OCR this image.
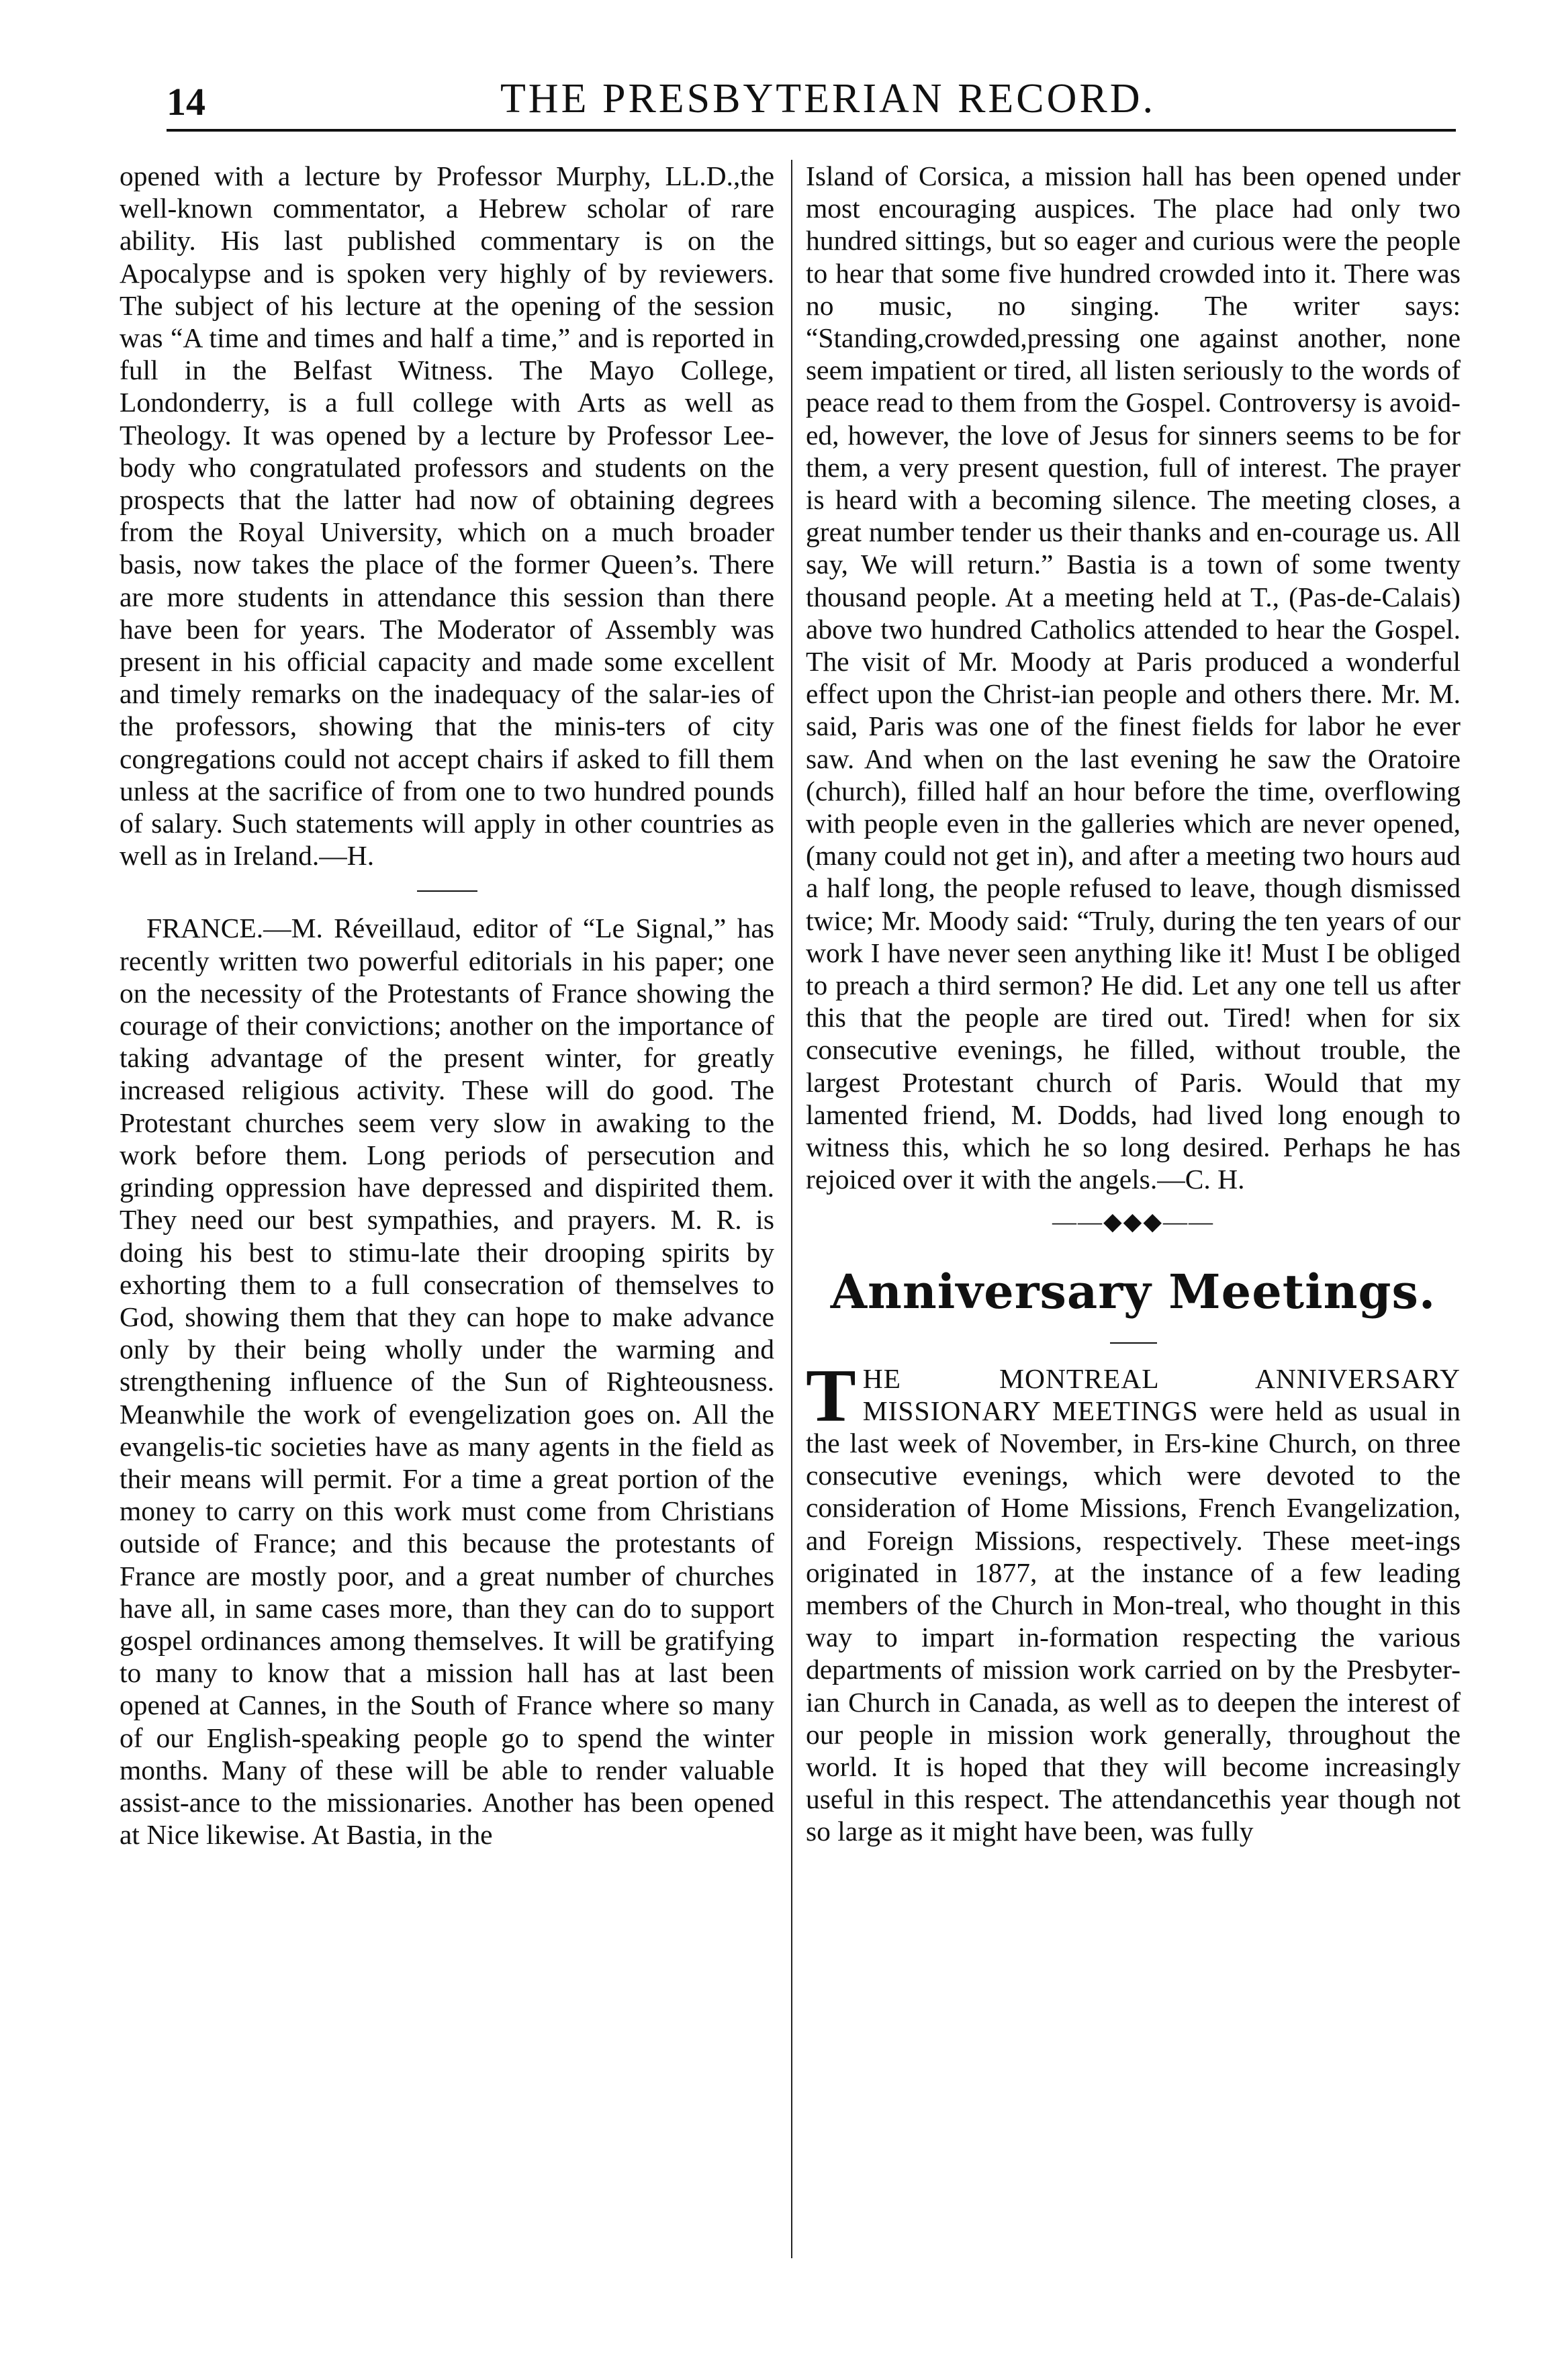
14	THE PRESBYTERIAN RECORD.

opened with a lecture by Professor Murphy, LL.D.,the well-known commentator, a Hebrew scholar of rare ability. His last published commentary is on the Apocalypse and is spoken very highly of by reviewers. The subject of his lecture at the opening of the session was “A time and times and half a time,” and is reported in full in the Belfast Witness. The Mayo College, Londonderry, is a full college with Arts as well as Theology. It was opened by a lecture by Professor Lee-body who congratulated professors and students on the prospects that the latter had now of obtaining degrees from the Royal University, which on a much broader basis, now takes the place of the former Queen’s. There are more students in attendance this session than there have been for years. The Moderator of Assembly was present in his official capacity and made some excellent and timely remarks on the inadequacy of the salar-ies of the professors, showing that the minis-ters of city congregations could not accept chairs if asked to fill them unless at the sacrifice of from one to two hundred pounds of salary. Such statements will apply in other countries as well as in Ireland.—H.

FRANCE.—M. Réveillaud, editor of “Le Signal,” has recently written two powerful editorials in his paper; one on the necessity of the Protestants of France showing the courage of their convictions; another on the importance of taking advantage of the present winter, for greatly increased religious activity. These will do good. The Protestant churches seem very slow in awaking to the work before them. Long periods of persecution and grinding oppression have depressed and dispirited them. They need our best sympathies, and prayers. M. R. is doing his best to stimu-late their drooping spirits by exhorting them to a full consecration of themselves to God, showing them that they can hope to make advance only by their being wholly under the warming and strengthening influence of the Sun of Righteousness. Meanwhile the work of evengelization goes on. All the evangelis-tic societies have as many agents in the field as their means will permit. For a time a great portion of the money to carry on this work must come from Christians outside of France; and this because the protestants of France are mostly poor, and a great number of churches have all, in same cases more, than they can do to support gospel ordinances among themselves. It will be gratifying to many to know that a mission hall has at last been opened at Cannes, in the South of France where so many of our English-speaking people go to spend the winter months. Many of these will be able to render valuable assist-ance to the missionaries. Another has been opened at Nice likewise. At Bastia, in the

Island of Corsica, a mission hall has been opened under most encouraging auspices. The place had only two hundred sittings, but so eager and curious were the people to hear that some five hundred crowded into it. There was no music, no singing. The writer says: “Standing,crowded,pressing one against another, none seem impatient or tired, all listen seriously to the words of peace read to them from the Gospel. Controversy is avoid-ed, however, the love of Jesus for sinners seems to be for them, a very present question, full of interest. The prayer is heard with a becoming silence. The meeting closes, a great number tender us their thanks and en-courage us. All say, We will return.” Bastia is a town of some twenty thousand people. At a meeting held at T., (Pas-de-Calais) above two hundred Catholics attended to hear the Gospel. The visit of Mr. Moody at Paris produced a wonderful effect upon the Christ-ian people and others there. Mr. M. said, Paris was one of the finest fields for labor he ever saw. And when on the last evening he saw the Oratoire (church), filled half an hour before the time, overflowing with people even in the galleries which are never opened, (many could not get in), and after a meeting two hours aud a half long, the people refused to leave, though dismissed twice; Mr. Moody said: “Truly, during the ten years of our work I have never seen anything like it! Must I be obliged to preach a third sermon? He did. Let any one tell us after this that the people are tired out. Tired! when for six consecutive evenings, he filled, without trouble, the largest Protestant church of Paris. Would that my lamented friend, M. Dodds, had lived long enough to witness this, which he so long desired. Perhaps he has rejoiced over it with the angels.—C. H.

——◆◆◆——
Anniversary Meetings.

THE MONTREAL ANNIVERSARY MISSIONARY MEETINGS were held as usual in the last week of November, in Ers-kine Church, on three consecutive evenings, which were devoted to the consideration of Home Missions, French Evangelization, and Foreign Missions, respectively. These meet-ings originated in 1877, at the instance of a few leading members of the Church in Mon-treal, who thought in this way to impart in-formation respecting the various departments of mission work carried on by the Presbyter-ian Church in Canada, as well as to deepen the interest of our people in mission work generally, throughout the world. It is hoped that they will become increasingly useful in this respect. The attendancethis year though not so large as it might have been, was fully
